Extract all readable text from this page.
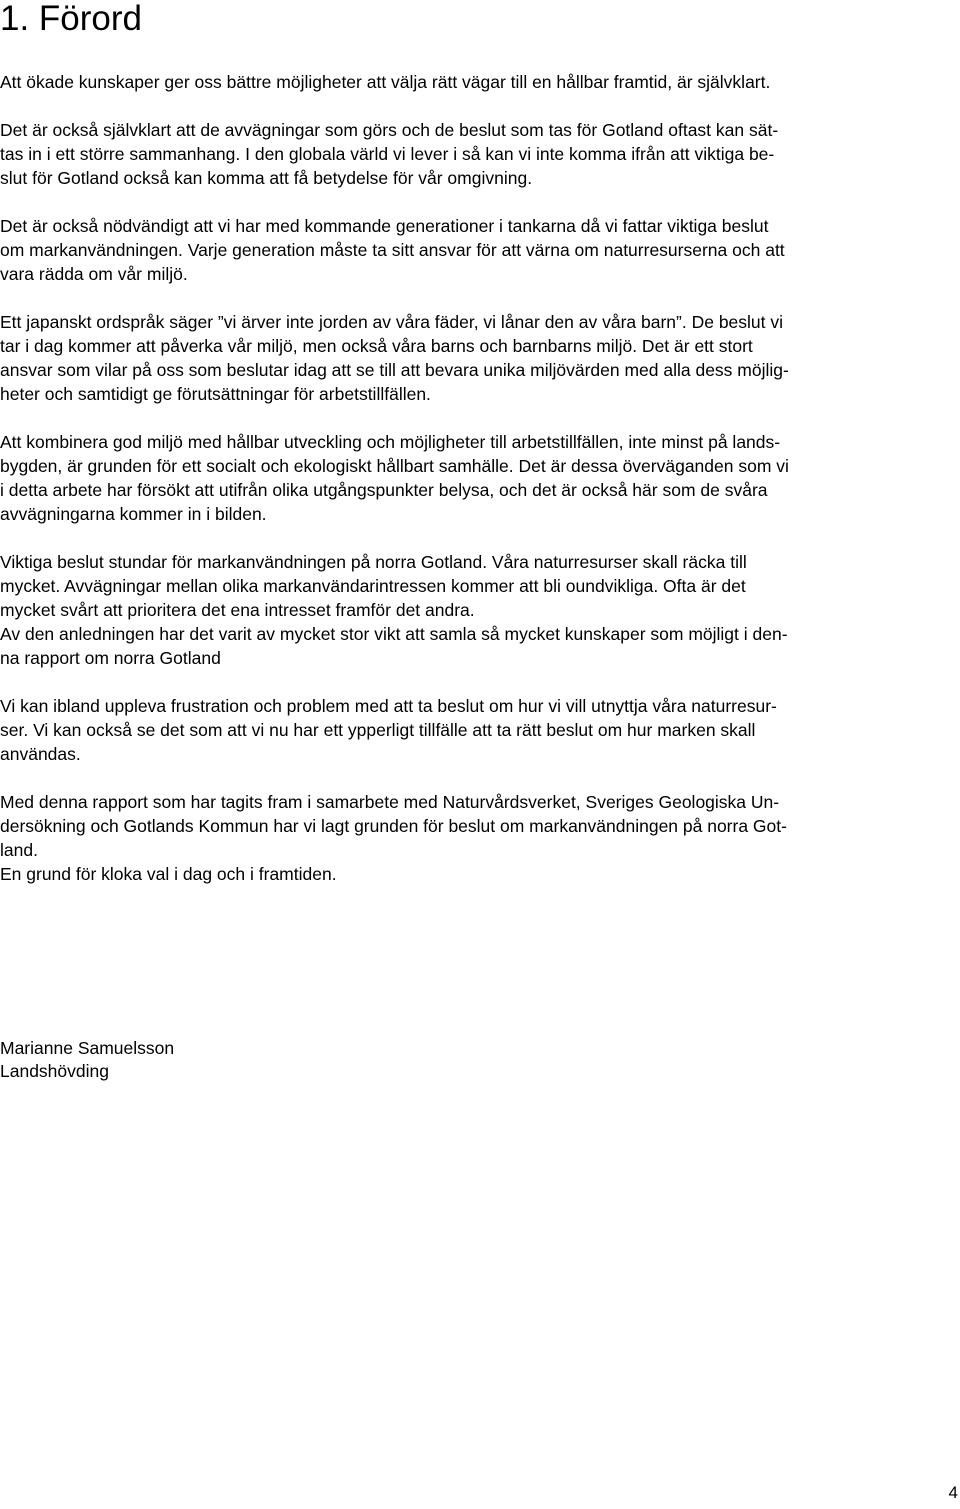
1. Förord

Att ökade kunskaper ger oss bättre möjligheter att välja rätt vägar till en hållbar framtid, är självklart.

Det är också självklart att de avvägningar som görs och de beslut som tas för Gotland oftast kan sät-
tas in i ett större sammanhang. I den globala värld vi lever i så kan vi inte komma ifrån att viktiga be-
slut för Gotland också kan komma att få betydelse för vår omgivning.

Det är också nödvändigt att vi har med kommande generationer i tankarna då vi fattar viktiga beslut
om markanvändningen. Varje generation måste ta sitt ansvar för att värna om naturresurserna och att
vara rädda om vår miljö.

Ett japanskt ordspråk säger ”vi ärver inte jorden av våra fäder, vi lånar den av våra barn”. De beslut vi
tar i dag kommer att påverka vår miljö, men också våra barns och barnbarns miljö. Det är ett stort
ansvar som vilar på oss som beslutar idag att se till att bevara unika miljövärden med alla dess möjlig-
heter och samtidigt ge förutsättningar för arbetstillfällen.

Att kombinera god miljö med hållbar utveckling och möjligheter till arbetstillfällen, inte minst på lands-
bygden, är grunden för ett socialt och ekologiskt hållbart samhälle. Det är dessa överväganden som vi
i detta arbete har försökt att utifrån olika utgångspunkter belysa, och det är också här som de svåra
avvägningarna kommer in i bilden.

Viktiga beslut stundar för markanvändningen på norra Gotland. Våra naturresurser skall räcka till
mycket. Avvägningar mellan olika markanvändarintressen kommer att bli oundvikliga. Ofta är det
mycket svårt att prioritera det ena intresset framför det andra.

Av den anledningen har det varit av mycket stor vikt att samla så mycket kunskaper som möjligt i den-
na rapport om norra Gotland

Vi kan ibland uppleva frustration och problem med att ta beslut om hur vi vill utnyttja våra naturresur-
ser. Vi kan också se det som att vi nu har ett ypperligt tillfälle att ta rätt beslut om hur marken skall
användas.

Med denna rapport som har tagits fram i samarbete med Naturvårdsverket, Sveriges Geologiska Un-
dersökning och Gotlands Kommun har vi lagt grunden för beslut om markanvändningen på norra Got-
land.

En grund för kloka val i dag och i framtiden.

Marianne Samuelsson
Landshövding
4
